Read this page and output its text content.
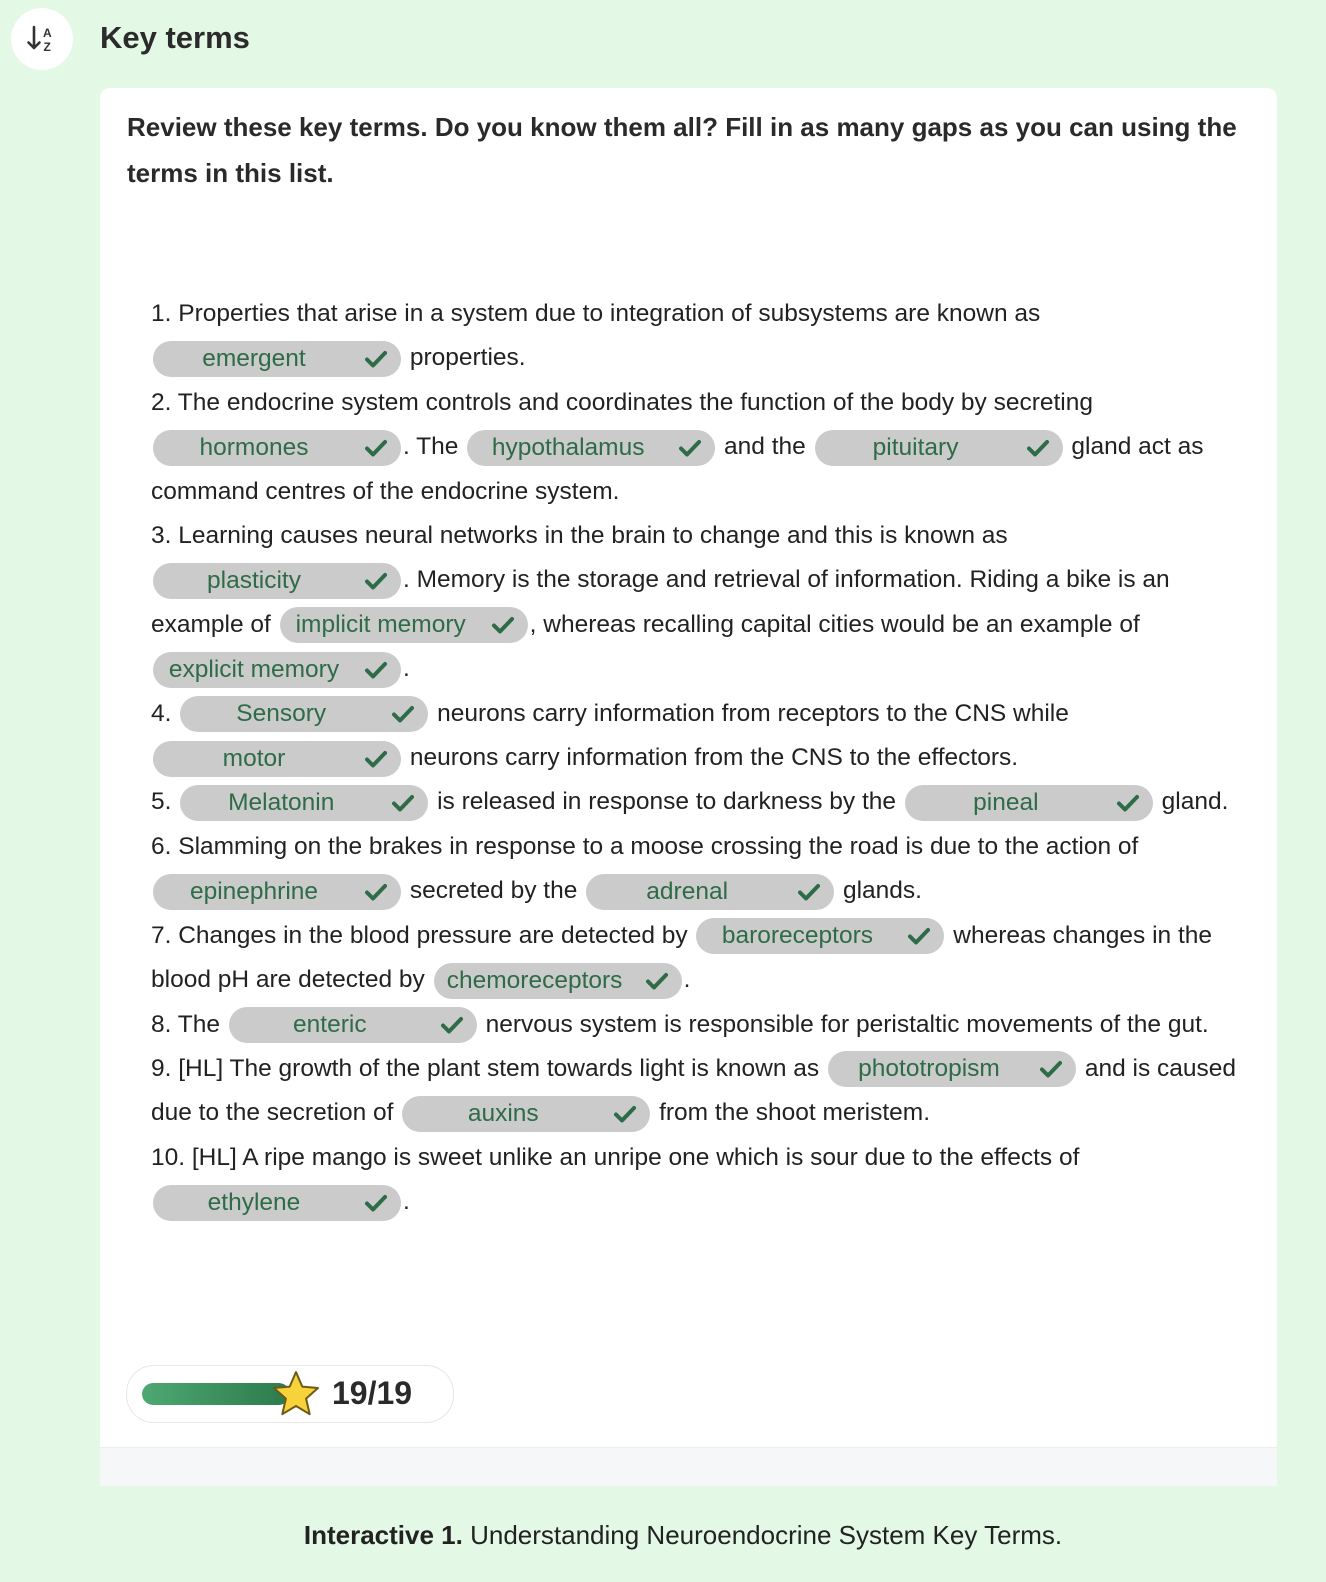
A
Z Key terms
Review these key terms. Do you know them all? Fill in as many gaps as you can using the terms in this list.

1. Properties that arise in a system due to integration of subsystems are known as emergent	properties.

2. The endocrine system controls and coordinates the function of the body by secreting hormones	. The hypothalamus	and the	pituitary	gland act as command centres of the endocrine system.

3. Learning causes neural networks in the brain to change and this is known as plasticity	. Memory is the storage and retrieval of information. Riding a bike is an example of implicit memory	, whereas recalling capital cities would be an example of explicit memory	.

4.	Sensory	neurons carry information from receptors to the CNS while motor	neurons carry information from the CNS to the effectors.

5. Melatonin	is released in response to darkness by the	pineal	gland.

6. Slamming on the brakes in response to a moose crossing the road is due to the action of epinephrine	secreted by the	adrenal	glands.

7. Changes in the blood pressure are detected by baroreceptors	whereas changes in the blood pH are detected by chemoreceptors .

8. The	enteric	nervous system is responsible for peristaltic movements of the gut.

9. [HL] The growth of the plant stem towards light is known as phototropism	and is caused due to the secretion of	auxins	from the shoot meristem.

10. [HL] A ripe mango is sweet unlike an unripe one which is sour due to the effects of ethylene	.

19/19
Interactive 1. Understanding Neuroendocrine System Key Terms.
